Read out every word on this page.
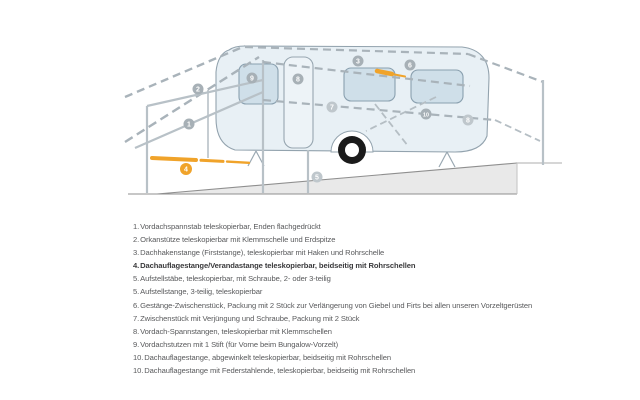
2
1
9	8
3
6
7
10
8
5
4
1.Vordachspannstab teleskopierbar, Enden flachgedrückt
2.Orkanstütze teleskopierbar mit Klemmschelle und Erdspitze
3.Dachhakenstange (Firststange), teleskopierbar mit Haken und Rohrschelle
4.Dachauflagestange/Verandastange teleskopierbar, beidseitig mit Rohrschellen
5.Aufstellstäbe, teleskopierbar, mit Schraube, 2- oder 3-teilig
5.Aufstellstange, 3-teilig, teleskopierbar
6.Gestänge-Zwischenstück, Packung mit 2 Stück zur Verlängerung von Giebel und Firts bei allen unseren Vorzeltgerüsten
7.Zwischenstück mit Verjüngung und Schraube, Packung mit 2 Stück
8.Vordach-Spannstangen, teleskopierbar mit Klemmschellen
9.Vordachstutzen mit 1 Stift (für Vorne beim Bungalow-Vorzelt)
10.Dachauflagestange, abgewinkelt teleskopierbar, beidseitig mit Rohrschellen
10.Dachauflagestange mit Federstahlende, teleskopierbar, beidseitig mit Rohrschellen
